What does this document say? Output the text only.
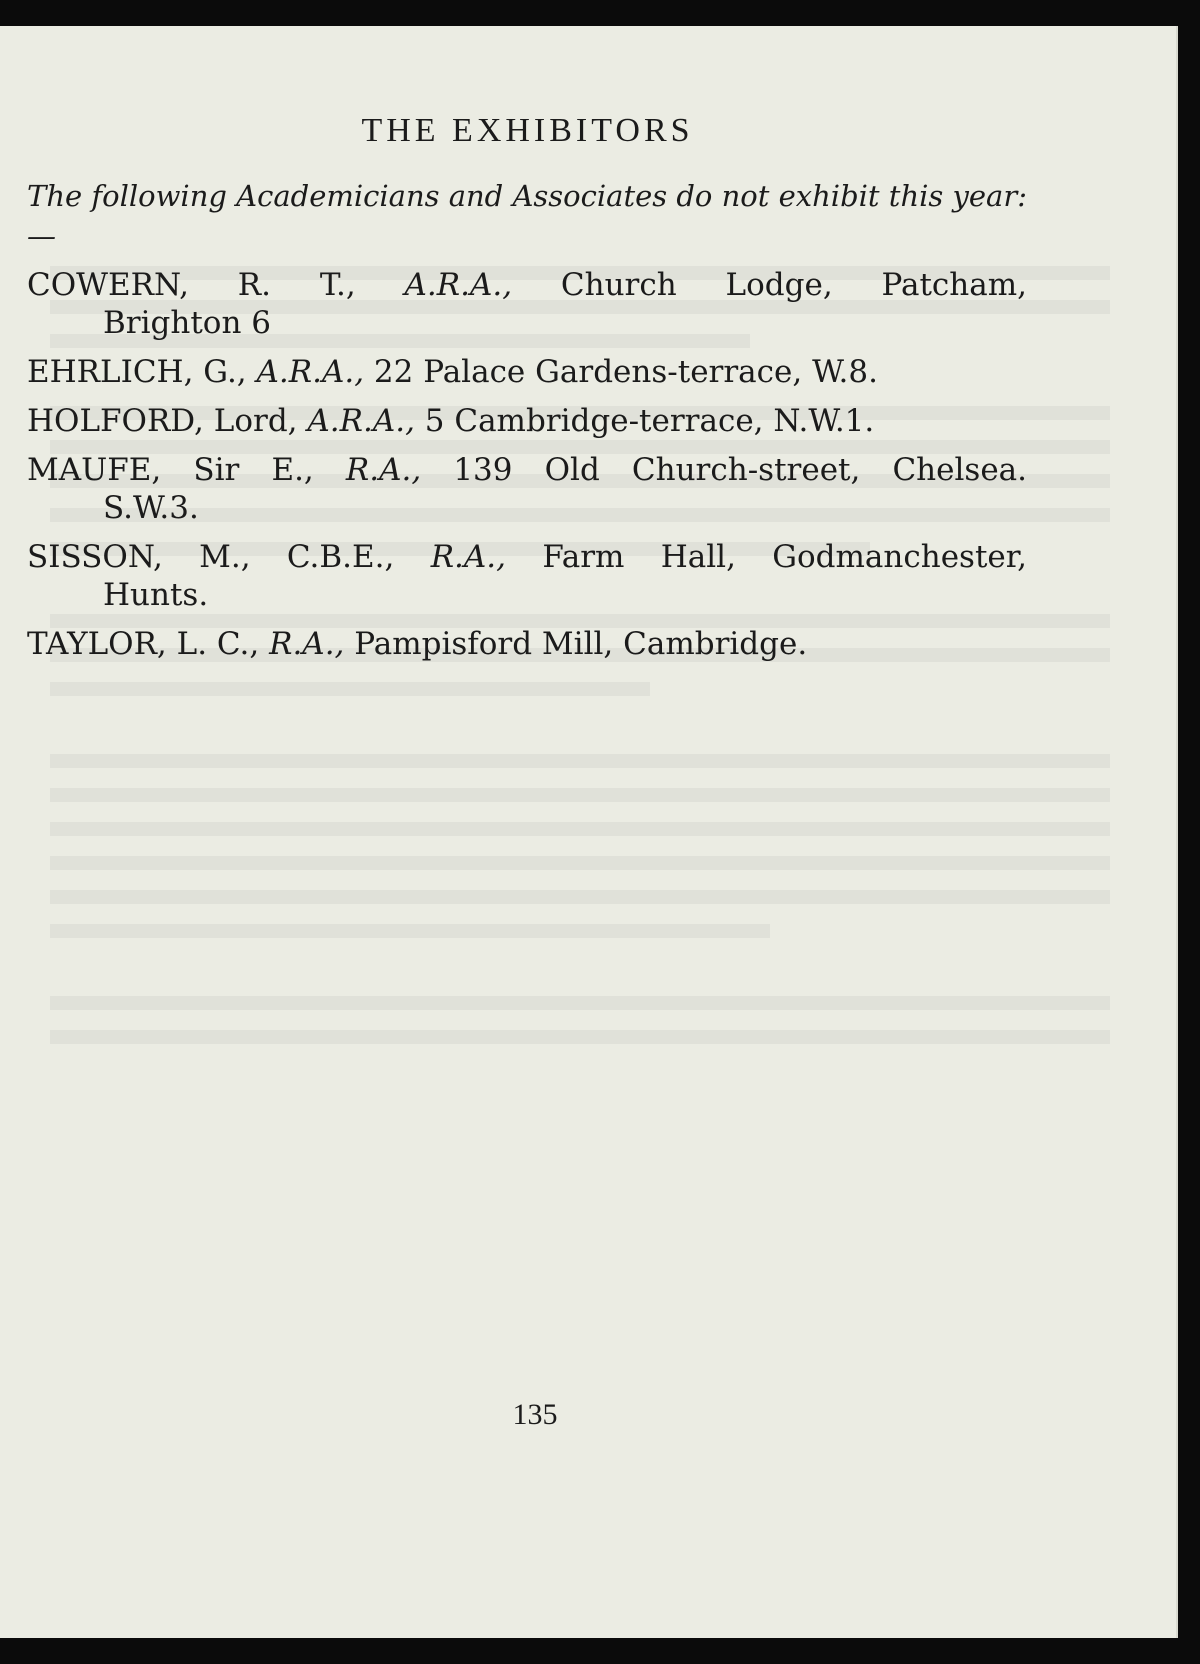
THE EXHIBITORS

The following Academicians and Associates do not exhibit this year:—

COWERN, R. T., A.R.A., Church Lodge, Patcham,
Brighton 6
EHRLICH, G., A.R.A., 22 Palace Gardens-terrace, W.8.
HOLFORD, Lord, A.R.A., 5 Cambridge-terrace, N.W.1.
MAUFE, Sir E., R.A., 139 Old Church-street, Chelsea.
S.W.3.
SISSON, M., C.B.E., R.A., Farm Hall, Godmanchester,
Hunts.
TAYLOR, L. C., R.A., Pampisford Mill, Cambridge.

135
